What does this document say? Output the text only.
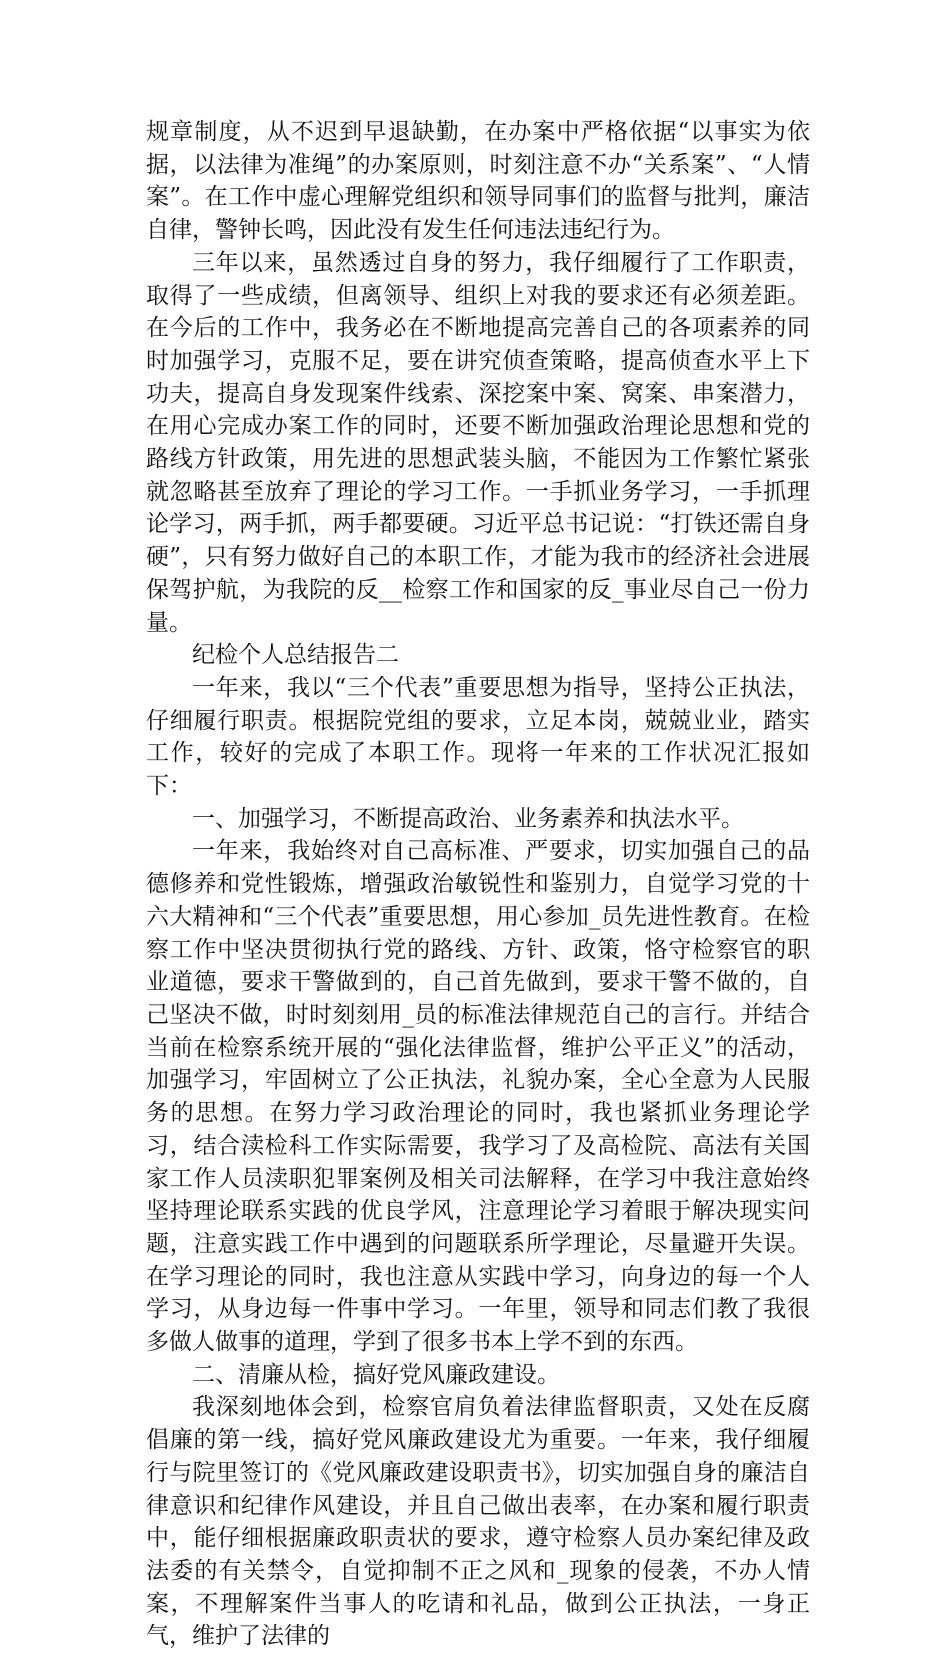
规章制度，从不迟到早退缺勤，在办案中严格依据“以事实为依据，以法律为准绳”的办案原则，时刻注意不办“关系案”、“人情案”。在工作中虚心理解党组织和领导同事们的监督与批判，廉洁自律，警钟长鸣，因此没有发生任何违法违纪行为。

三年以来，虽然透过自身的努力，我仔细履行了工作职责，取得了一些成绩，但离领导、组织上对我的要求还有必须差距。在今后的工作中，我务必在不断地提高完善自己的各项素养的同时加强学习，克服不足，要在讲究侦查策略，提高侦查水平上下功夫，提高自身发现案件线索、深挖案中案、窝案、串案潜力，在用心完成办案工作的同时，还要不断加强政治理论思想和党的路线方针政策，用先进的思想武装头脑，不能因为工作繁忙紧张就忽略甚至放弃了理论的学习工作。一手抓业务学习，一手抓理论学习，两手抓，两手都要硬。习近平总书记说：“打铁还需自身硬”，只有努力做好自己的本职工作，才能为我市的经济社会进展保驾护航，为我院的反__检察工作和国家的反_事业尽自己一份力量。

纪检个人总结报告二

一年来，我以“三个代表”重要思想为指导，坚持公正执法，仔细履行职责。根据院党组的要求，立足本岗，兢兢业业，踏实工作，较好的完成了本职工作。现将一年来的工作状况汇报如下：

一、加强学习，不断提高政治、业务素养和执法水平。

一年来，我始终对自己高标准、严要求，切实加强自己的品德修养和党性锻炼，增强政治敏锐性和鉴别力，自觉学习党的十六大精神和“三个代表”重要思想，用心参加_员先进性教育。在检察工作中坚决贯彻执行党的路线、方针、政策，恪守检察官的职业道德，要求干警做到的，自己首先做到，要求干警不做的，自己坚决不做，时时刻刻用_员的标准法律规范自己的言行。并结合当前在检察系统开展的“强化法律监督，维护公平正义”的活动，加强学习，牢固树立了公正执法，礼貌办案，全心全意为人民服务的思想。在努力学习政治理论的同时，我也紧抓业务理论学习，结合渎检科工作实际需要，我学习了及高检院、高法有关国家工作人员渎职犯罪案例及相关司法解释，在学习中我注意始终坚持理论联系实践的优良学风，注意理论学习着眼于解决现实问题，注意实践工作中遇到的问题联系所学理论，尽量避开失误。在学习理论的同时，我也注意从实践中学习，向身边的每一个人学习，从身边每一件事中学习。一年里，领导和同志们教了我很多做人做事的道理，学到了很多书本上学不到的东西。

二、清廉从检，搞好党风廉政建设。

我深刻地体会到，检察官肩负着法律监督职责，又处在反腐倡廉的第一线，搞好党风廉政建设尤为重要。一年来，我仔细履行与院里签订的《党风廉政建设职责书》，切实加强自身的廉洁自律意识和纪律作风建设，并且自己做出表率，在办案和履行职责中，能仔细根据廉政职责状的要求，遵守检察人员办案纪律及政法委的有关禁令，自觉抑制不正之风和_现象的侵袭，不办人情案，不理解案件当事人的吃请和礼品，做到公正执法，一身正气，维护了法律的
